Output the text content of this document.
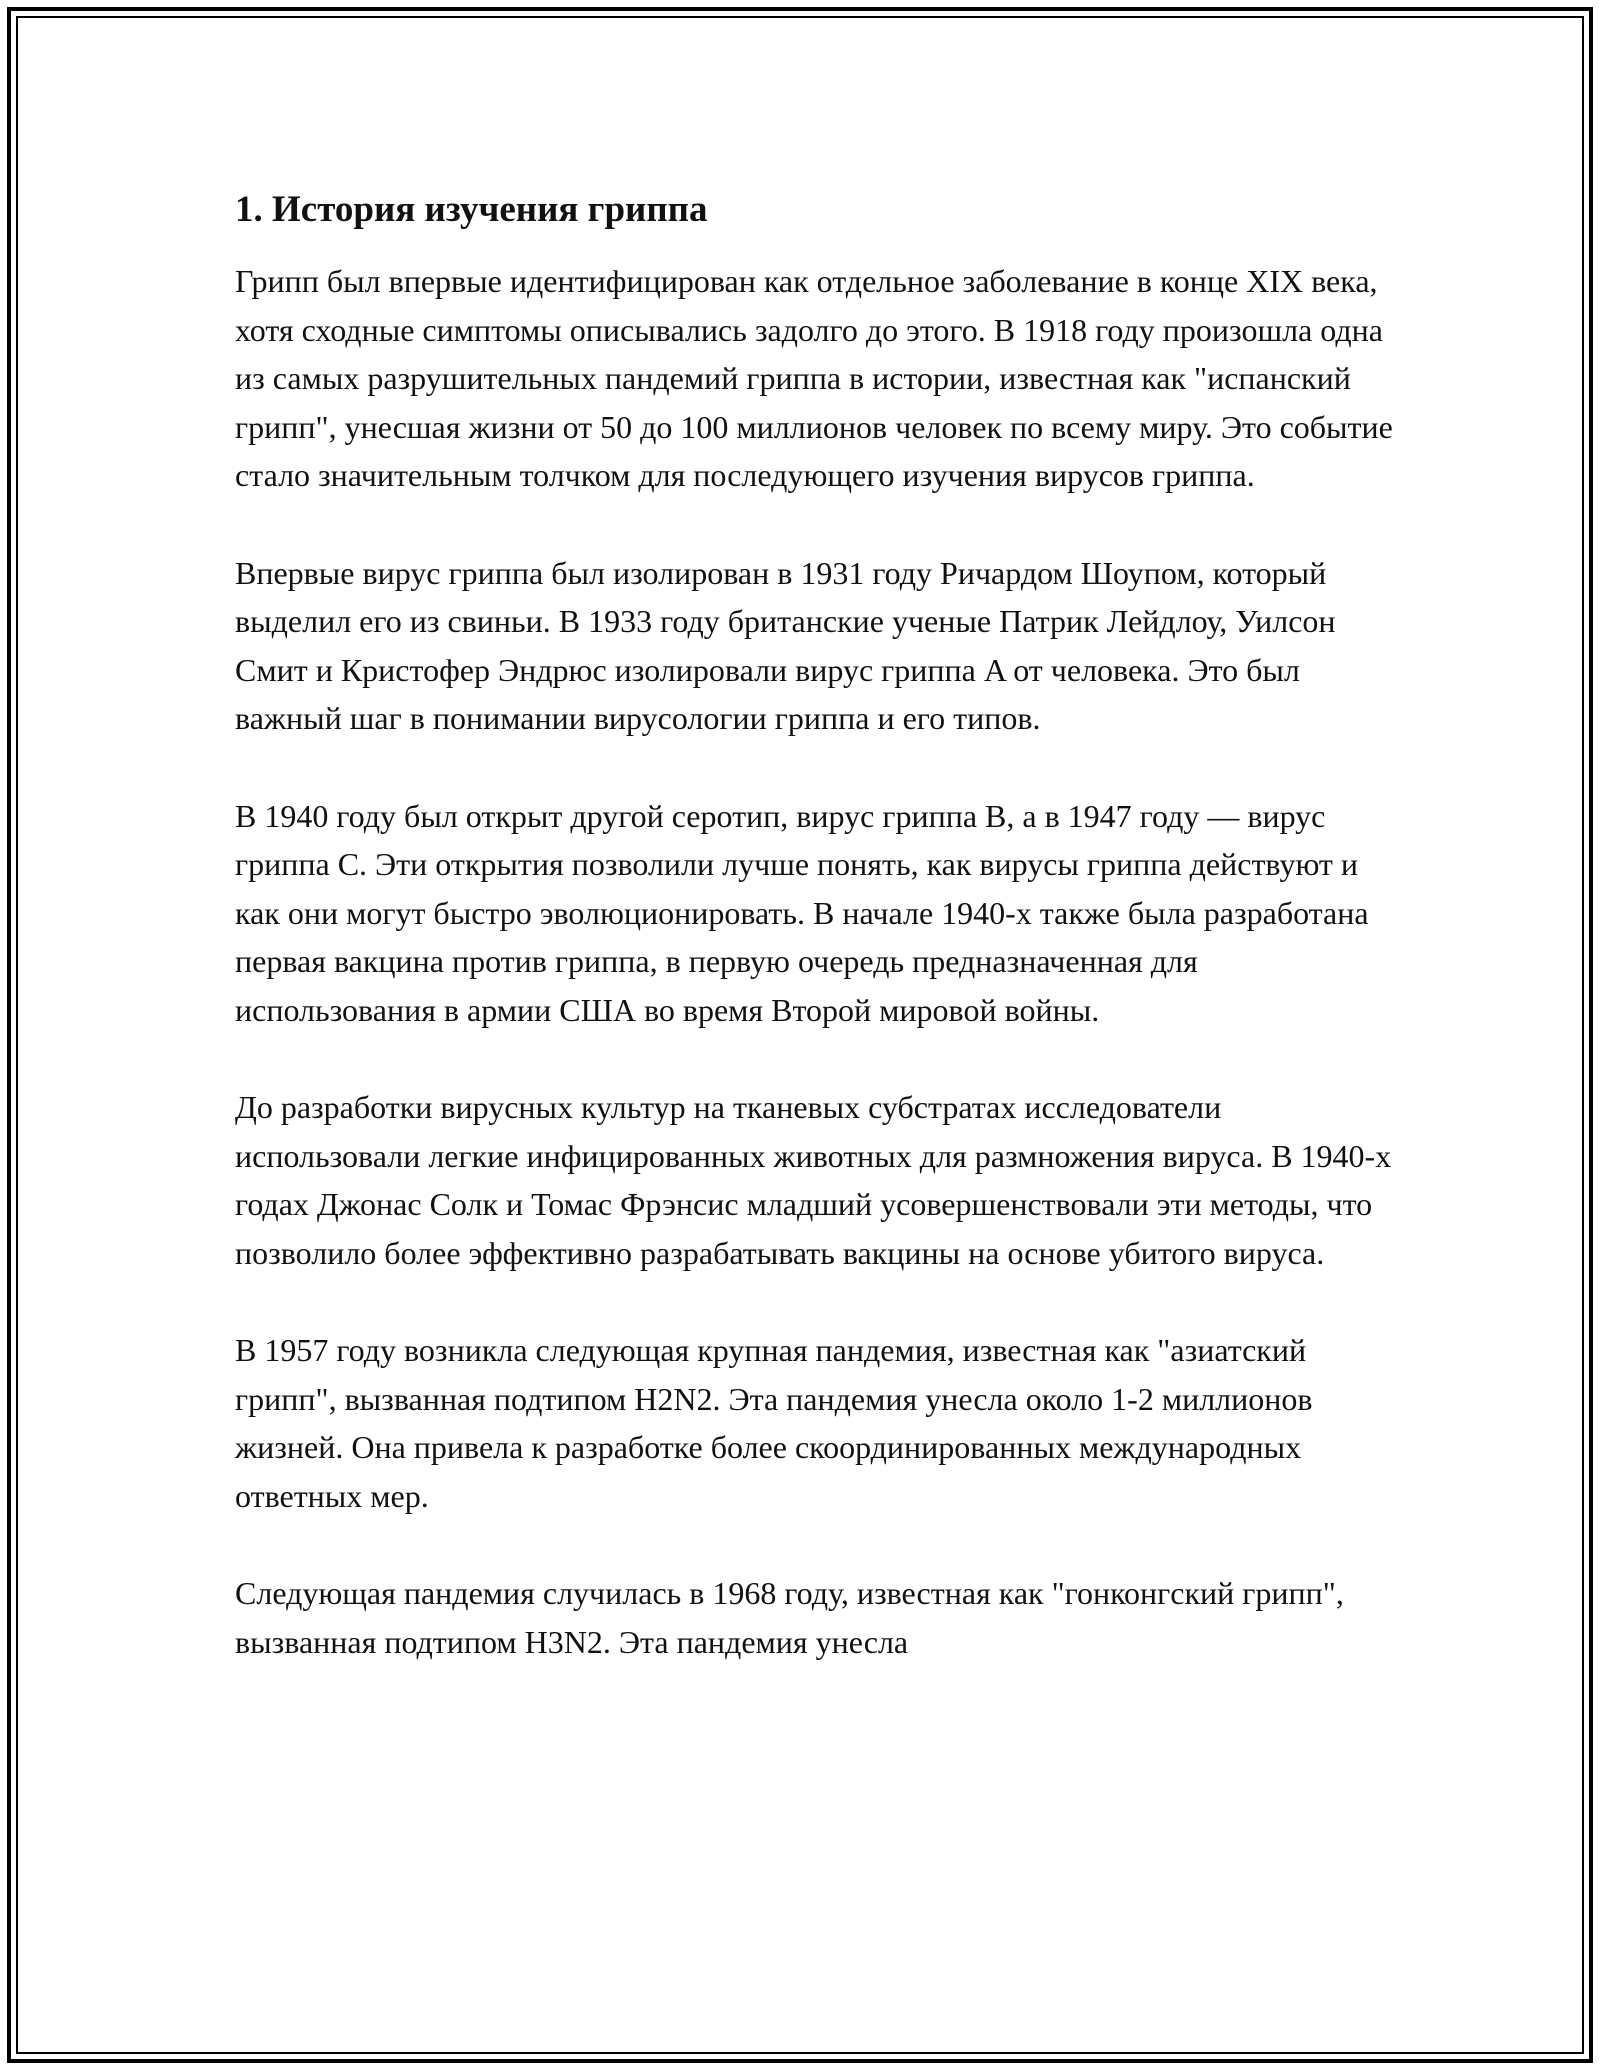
1. История изучения гриппа

Грипп был впервые идентифицирован как отдельное заболевание в конце XIX века, хотя сходные симптомы описывались задолго до этого. В 1918 году произошла одна из самых разрушительных пандемий гриппа в истории, известная как "испанский грипп", унесшая жизни от 50 до 100 миллионов человек по всему миру. Это событие стало значительным толчком для последующего изучения вирусов гриппа.

Впервые вирус гриппа был изолирован в 1931 году Ричардом Шоупом, который выделил его из свиньи. В 1933 году британские ученые Патрик Лейдлоу, Уилсон Смит и Кристофер Эндрюс изолировали вирус гриппа A от человека. Это был важный шаг в понимании вирусологии гриппа и его типов.

В 1940 году был открыт другой серотип, вирус гриппа B, а в 1947 году — вирус гриппа C. Эти открытия позволили лучше понять, как вирусы гриппа действуют и как они могут быстро эволюционировать. В начале 1940-х также была разработана первая вакцина против гриппа, в первую очередь предназначенная для использования в армии США во время Второй мировой войны.

До разработки вирусных культур на тканевых субстратах исследователи использовали легкие инфицированных животных для размножения вируса. В 1940-х годах Джонас Солк и Томас Фрэнсис младший усовершенствовали эти методы, что позволило более эффективно разрабатывать вакцины на основе убитого вируса.

В 1957 году возникла следующая крупная пандемия, известная как "азиатский грипп", вызванная подтипом H2N2. Эта пандемия унесла около 1-2 миллионов жизней. Она привела к разработке более скоординированных международных ответных мер.

Следующая пандемия случилась в 1968 году, известная как "гонконгский грипп", вызванная подтипом H3N2. Эта пандемия унесла
